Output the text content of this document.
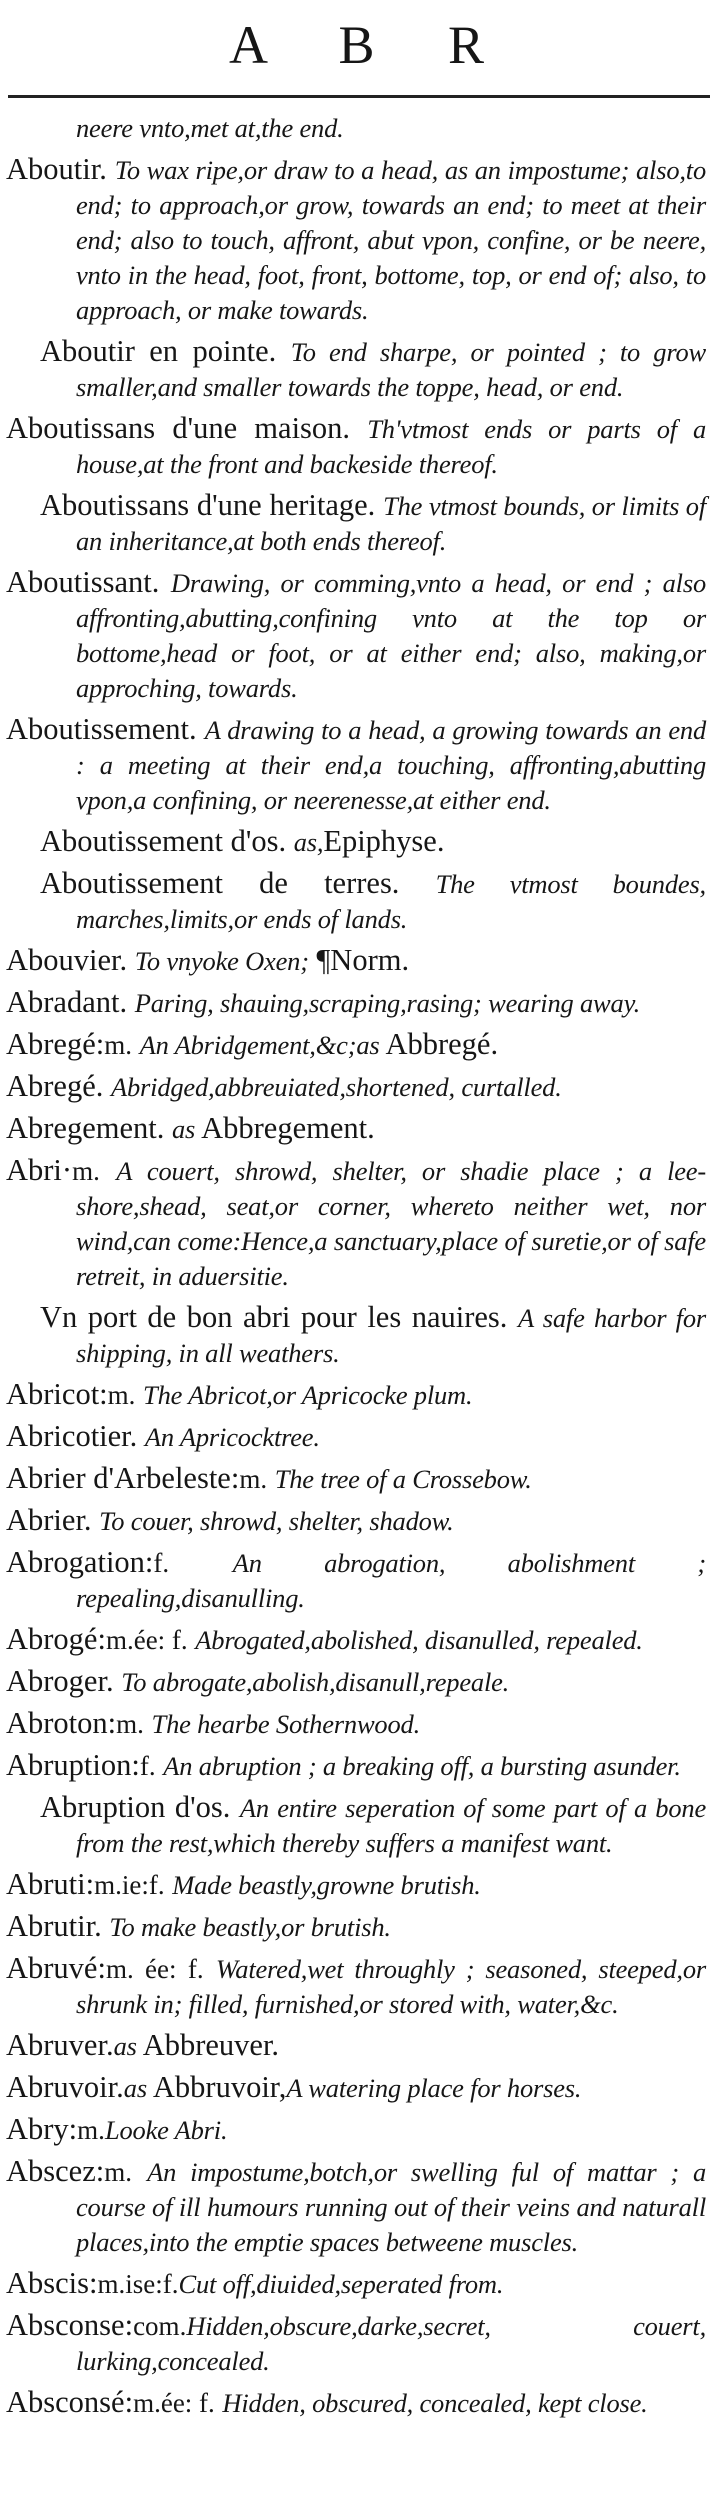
A B R
neere vnto,met at,the end.
Aboutir. To wax ripe,or draw to a head, as an impostume; also,to end; to approach,or grow, towards an end; to meet at their end; also to touch, affront, abut vpon, confine, or be neere, vnto in the head, foot, front, bottome, top, or end of; also, to approach, or make towards.
Aboutir en pointe. To end sharpe, or pointed ; to grow smaller,and smaller towards the toppe, head, or end.
Aboutissans d'une maison. Th'vtmost ends or parts of a house,at the front and backeside thereof.
Aboutissans d'une heritage. The vtmost bounds, or limits of an inheritance,at both ends thereof.
Aboutissant. Drawing, or comming,vnto a head, or end ; also affronting,abutting,confining vnto at the top or bottome,head or foot, or at either end; also, making,or approching, towards.
Aboutissement. A drawing to a head, a growing towards an end : a meeting at their end,a touching, affronting,abutting vpon,a confining, or neerenesse,at either end.
Aboutissement d'os. as,Epiphyse.
Aboutissement de terres. The vtmost boundes, marches,limits,or ends of lands.
Abouvier. To vnyoke Oxen; ¶Norm.
Abradant. Paring, shauing,scraping,rasing; wearing away.
Abregé:m. An Abridgement,&c;as Abbregé.
Abregé. Abridged,abbreuiated,shortened, curtalled.
Abregement. as Abbregement.
Abri·m. A couert, shrowd, shelter, or shadie place ; a lee-shore,shead, seat,or corner, whereto neither wet, nor wind,can come:Hence,a sanctuary,place of suretie,or of safe retreit, in aduersitie.
Vn port de bon abri pour les nauires. A safe harbor for shipping, in all weathers.
Abricot:m. The Abricot,or Apricocke plum.
Abricotier. An Apricocktree.
Abrier d'Arbeleste:m. The tree of a Crossebow.
Abrier. To couer, shrowd, shelter, shadow.
Abrogation:f. An abrogation, abolishment ; repealing,disanulling.
Abrogé:m.ée: f. Abrogated,abolished, disanulled, repealed.
Abroger. To abrogate,abolish,disanull,repeale.
Abroton:m. The hearbe Sothernwood.
Abruption:f. An abruption ; a breaking off, a bursting asunder.
Abruption d'os. An entire seperation of some part of a bone from the rest,which thereby suffers a manifest want.
Abruti:m.ie:f. Made beastly,growne brutish.
Abrutir. To make beastly,or brutish.
Abruvé:m. ée: f. Watered,wet throughly ; seasoned, steeped,or shrunk in; filled, furnished,or stored with, water,&c.
Abruver.as Abbreuver.
Abruvoir.as Abbruvoir,A watering place for horses.
Abry:m.Looke Abri.
Abscez:m. An impostume,botch,or swelling ful of mattar ; a course of ill humours running out of their veins and naturall places,into the emptie spaces betweene muscles.
Abscis:m.ise:f.Cut off,diuided,seperated from.
Absconse:com.Hidden,obscure,darke,secret, couert, lurking,concealed.
Absconsé:m.ée: f. Hidden, obscured, concealed, kept close.
